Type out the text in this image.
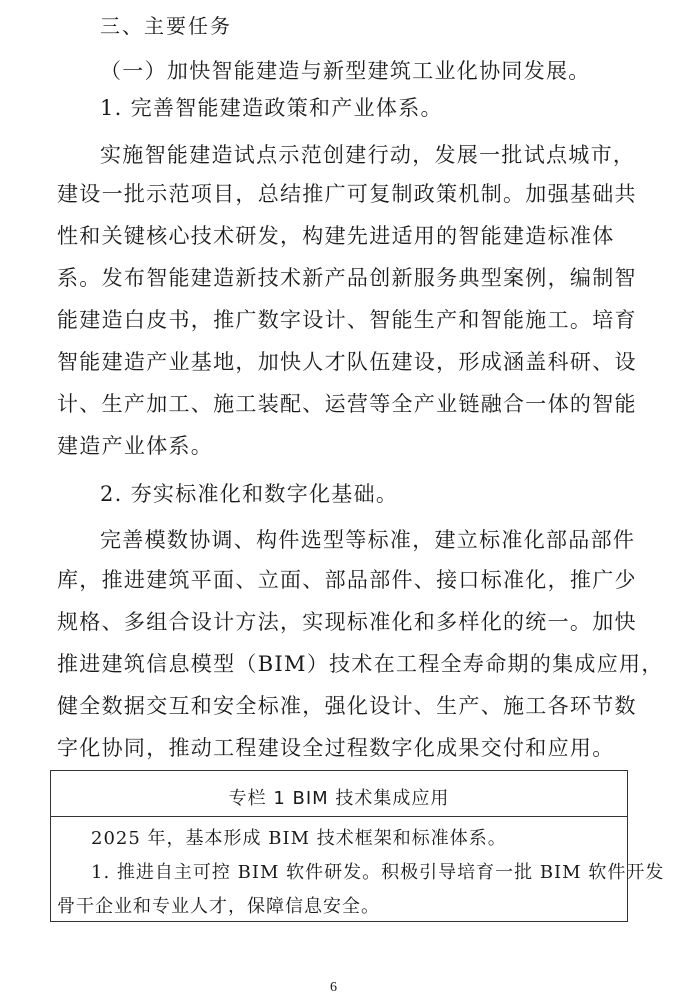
三、主要任务
（一）加快智能建造与新型建筑工业化协同发展。
1. 完善智能建造政策和产业体系。
实施智能建造试点示范创建行动，发展一批试点城市，
建设一批示范项目，总结推广可复制政策机制。加强基础共
性和关键核心技术研发，构建先进适用的智能建造标准体
系。发布智能建造新技术新产品创新服务典型案例，编制智
能建造白皮书，推广数字设计、智能生产和智能施工。培育
智能建造产业基地，加快人才队伍建设，形成涵盖科研、设
计、生产加工、施工装配、运营等全产业链融合一体的智能
建造产业体系。
2. 夯实标准化和数字化基础。
完善模数协调、构件选型等标准，建立标准化部品部件
库，推进建筑平面、立面、部品部件、接口标准化，推广少
规格、多组合设计方法，实现标准化和多样化的统一。加快
推进建筑信息模型（BIM）技术在工程全寿命期的集成应用，
健全数据交互和安全标准，强化设计、生产、施工各环节数
字化协同，推动工程建设全过程数字化成果交付和应用。
专栏 1 BIM 技术集成应用
2025 年，基本形成 BIM 技术框架和标准体系。
1. 推进自主可控 BIM 软件研发。积极引导培育一批 BIM 软件开发
骨干企业和专业人才，保障信息安全。
6
